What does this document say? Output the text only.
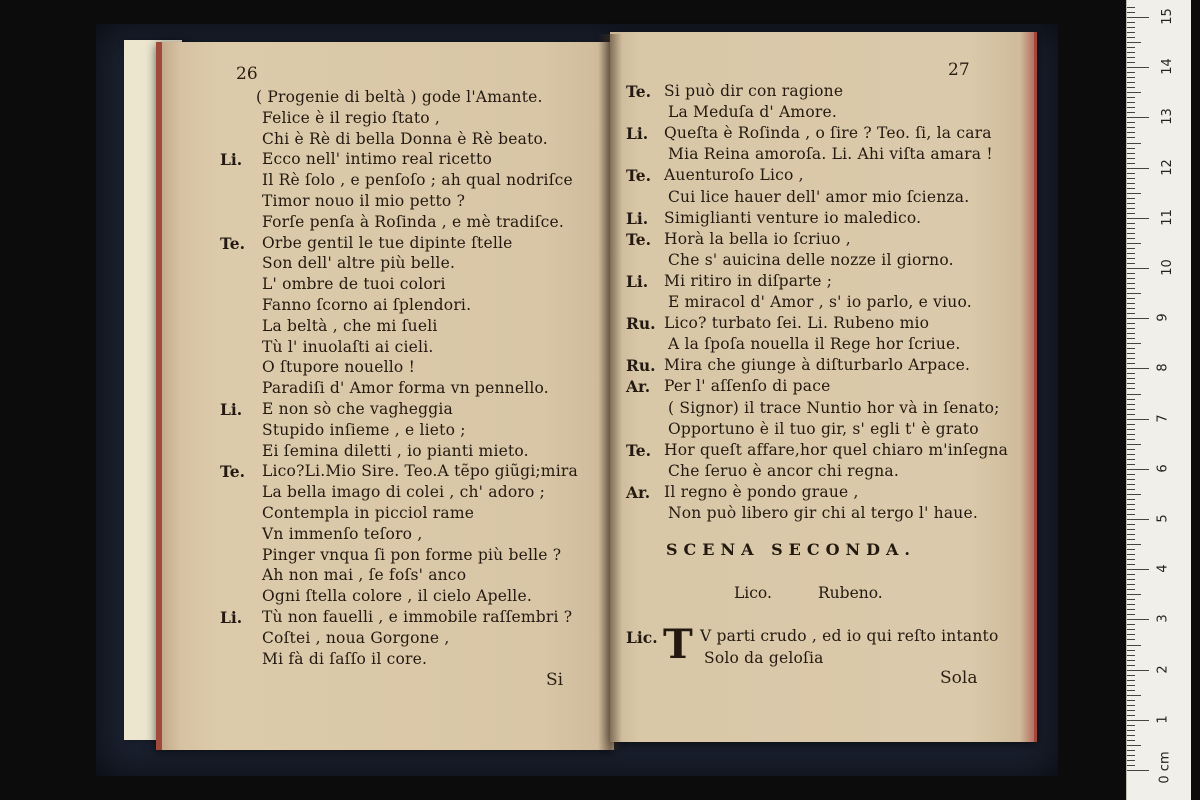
26
Si
27
Sola
( Progenie di beltà ) gode l'Amante.
Felice è il regio ſtato ,
Chi è Rè di bella Donna è Rè beato.
Li. Ecco nell' intimo real ricetto
Il Rè ſolo , e penſoſo ; ah qual nodriſce
Timor nouo il mio petto ?
Forſe penſa à Roſinda , e mè tradiſce.
Te. Orbe gentil le tue dipinte ſtelle
Son dell' altre più belle.
L' ombre de tuoi colori
Fanno ſcorno ai ſplendori.
La beltà , che mi ſueli
Tù l' inuolaſti ai cieli.
O ſtupore nouello !
Paradiſi d' Amor forma vn pennello.
Li. E non sò che vagheggia
Stupido inſieme , e lieto ;
Ei ſemina diletti , io pianti mieto.
Te. Lico?Li.Mio Sire. Teo.A tẽpo giũgi;mira
La bella imago di colei , ch' adoro ;
Contempla in picciol rame
Vn immenſo teſoro ,
Pinger vnqua ſi pon forme più belle ?
Ah non mai , ſe foſs' anco
Ogni ſtella colore , il cielo Apelle.
Li. Tù non fauelli , e immobile raſſembri ?
Coſtei , noua Gorgone ,
Mi fà di ſaſſo il core.
Te. Si può dir con ragione
La Meduſa d' Amore.
Li. Queſta è Roſinda , o ſire ? Teo. ſi, la cara
Mia Reina amoroſa. Li. Ahi viſta amara !
Te. Auenturoſo Lico ,
Cui lice hauer dell' amor mio ſcienza.
Li. Simiglianti venture io maledico.
Te. Horà la bella io ſcriuo ,
Che s' auicina delle nozze il giorno.
Li. Mi ritiro in diſparte ;
E miracol d' Amor , s' io parlo, e viuo.
Ru. Lico? turbato ſei. Li. Rubeno mio
A la ſpoſa nouella il Rege hor ſcriue.
Ru. Mira che giunge à diſturbarlo Arpace.
Ar. Per l' aſſenſo di pace
( Signor) il trace Nuntio hor và in ſenato;
Opportuno è il tuo gir, s' egli t' è grato
Te. Hor queſt affare,hor quel chiaro m'inſegna
Che ſeruo è ancor chi regna.
Ar. Il regno è pondo graue ,
Non può libero gir chi al tergo l' haue.
SCENA SECONDA.
Lico.	Rubeno.
Lic. T V parti crudo , ed io qui reſto intanto
Solo da geloſia
0 cm
1
2
3
4
5
6
7
8
9
10
11
12
13
14
15
